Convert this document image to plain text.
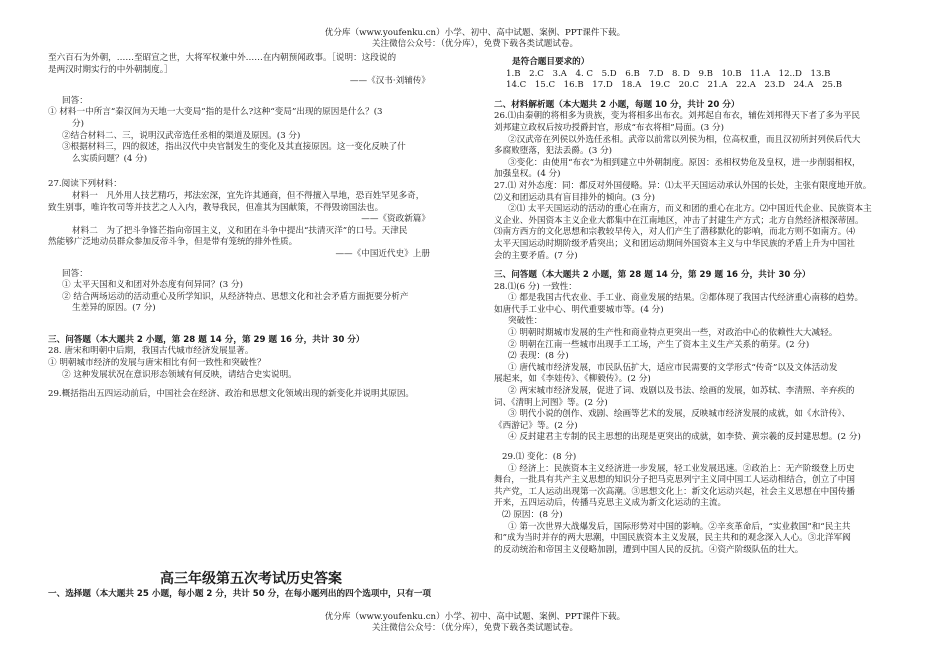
优分库（www.youfenku.cn）小学、初中、高中试题、案例、PPT课件下载。
关注微信公众号：（优分库），免费下载各类试题试卷。

至六百石为外朝，……至昭宣之世，大将军权兼中外……在内朝预闻政事。［说明：这段说的

是两汉时期实行的中外朝制度。］

——《汉书·刘辅传》

回答：

① 材料一中所言“秦汉间为天地一大变局”指的是什么?这种“变局”出现的原因是什么？(3

分)

②结合材料二、三，说明汉武帝选任丞相的渠道及原因。(3 分)

③根据材料三，四的叙述，指出汉代中央官制发生的变化及其直接原因。这一变化反映了什

么实质问题？(4 分)

27.阅读下列材料：

材料一　凡外用人技艺精巧，邦法宏深，宜先许其通商，但不得擅入旱地，恐百姓罕见多奇，

致生别事，唯许牧司等并技艺之人入内，教导我民，但准其为国献策，不得毁谤国法也。

——《资政新篇》

材料二　为了把斗争锋芒指向帝国主义，义和团在斗争中提出“扶清灭洋”的口号。天津民

然能够广泛地动员群众参加反帝斗争，但是带有笼统的排外性质。

——《中国近代史》上册

回答：

① 太平天国和义和团对外态度有何异同？(3 分)

② 结合两场运动的活动重心及所学知识，从经济特点、思想文化和社会矛盾方面扼要分析产

生差异的原因。(7 分)

三、问答题（本大题共 2 小题，第 28 题 14 分，第 29 题 16 分，共计 30 分）

28. 唐宋和明朝中后期，我国古代城市经济发展显著。

① 明朝城市经济的发展与唐宋相比有何一致性和突破性？

② 这种发展状况在意识形态领域有何反映，请结合史实说明。

29.概括指出五四运动前后，中国社会在经济、政治和思想文化领域出现的新变化并说明其原因。

是符合题目要求的）

1.B　2.C　3.A　4. C　5.D　6.B　7.D　8. D　9.B　10.B　11.A　12..D　13.B

14.C　15.C　16.B　17.D　18.A　19.C　20.C　21.A　22.A　23.D　24.A　25.B

二、材料解析题（本大题共 2 小题，每题 10 分，共计 20 分）

26.⑴由秦朝的将相多为贵族，变为将相多出布衣。刘邦起自布衣，辅佐刘邦得天下者了多为平民

刘邦建立政权后按功授爵封官，形成“布衣将相”局面。(3 分)

②汉武帝在列侯以外选任丞相。武帝以前常以列侯为相，位高权重，而且汉初所封列侯后代大

多腐败堕落，犯法丢爵。(3 分)

③变化：由使用“布衣”为相到建立中外朝制度。原因：丞相权势危及皇权，进一步削弱相权，

加强皇权。(4 分)

27.⑴ 对外态度：同：都反对外国侵略。异：⑴太平天国运动承认外国的长处，主张有限度地开放。

⑵义和团运动具有盲目排外的倾向。(3 分)

②⑴ 太平天国运动的活动的重心在南方，而义和团的重心在北方。⑵中国近代企业、民族资本主

义企业、外国资本主义企业大都集中在江南地区，冲击了封建生产方式；北方自然经济根深蒂固。

⑶南方西方的文化思想和宗教较早传入，对人们产生了潜移默化的影响，而北方则不如南方。⑷

太平天国运动时期阶级矛盾突出；义和团运动期间外国资本主义与中华民族的矛盾上升为中国社

会的主要矛盾。(7 分)

三、问答题（本大题共 2 小题，第 28 题 14 分，第 29 题 16 分，共计 30 分）

28.⑴(6 分) 一致性：

① 都是我国古代农业、手工业、商业发展的结果。②都体现了我国古代经济重心南移的趋势。

如唐代手工业中心、明代重要城市等。(4 分)

突破性：

① 明朝时期城市发展的生产性和商业特点更突出一些，对政治中心的依赖性大大减轻。

② 明朝在江南一些城市出现手工工场，产生了资本主义生产关系的萌芽。(2 分)

⑵ 表现：(8 分)

① 唐代城市经济发展，市民队伍扩大，适应市民需要的文学形式“传奇”以及文体活动发

展起来，如《李娃传》、《柳毅传》。(2 分)

② 两宋城市经济发展，促进了词、戏剧以及书法、绘画的发展，如苏轼、李清照、辛弃疾的

词、《清明上河图》等。(2 分)

③ 明代小说的创作、戏剧、绘画等艺术的发展，反映城市经济发展的成就，如《水浒传》、

《西游记》等。(2 分)

④ 反封建君主专制的民主思想的出现是更突出的成就，如李贽、黄宗羲的反封建思想。(2 分)

29.⑴ 变化：(8 分)

① 经济上：民族资本主义经济进一步发展，轻工业发展迅速。②政治上：无产阶级登上历史

舞台，一批具有共产主义思想的知识分子把马克思列宁主义同中国工人运动相结合，创立了中国

共产党，工人运动出现第一次高潮。③思想文化上：新文化运动兴起，社会主义思想在中国传播

开来，五四运动后，传播马克思主义成为新文化运动的主流。

⑵ 原因：(8 分)

① 第一次世界大战爆发后，国际形势对中国的影响。②辛亥革命后，“实业救国”和“民主共

和”成为当时并存的两大思潮，中国民族资本主义发展，民主共和的观念深入人心。③北洋军阀

的反动统治和帝国主义侵略加剧，遭到中国人民的反抗。④资产阶级队伍的壮大。

高三年级第五次考试历史答案
一、选择题（本大题共 25 小题，每小题 2 分，共计 50 分，在每小题列出的四个选项中，只有一项
优分库（www.youfenku.cn）小学、初中、高中试题、案例、PPT课件下载。
关注微信公众号：（优分库），免费下载各类试题试卷。
